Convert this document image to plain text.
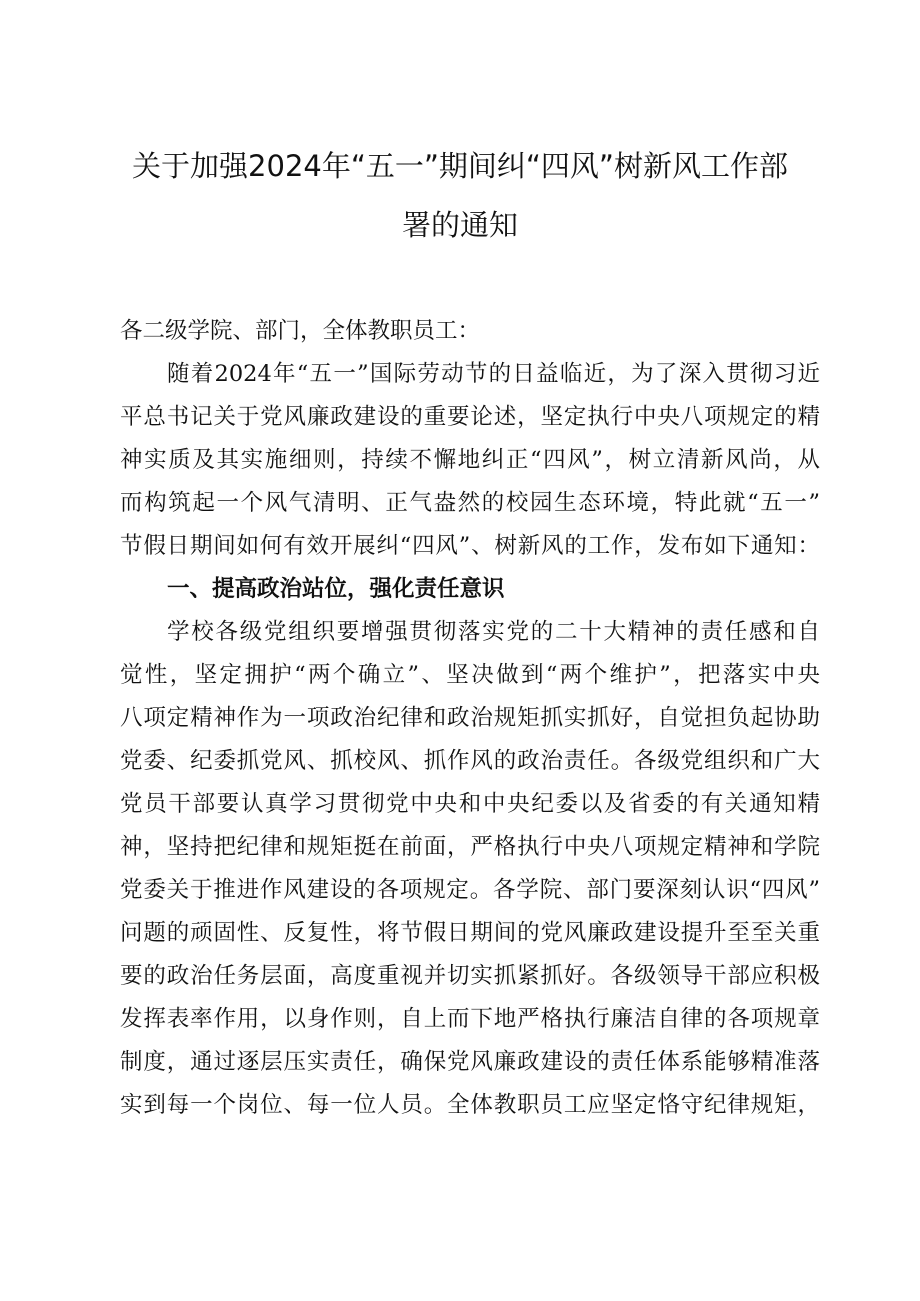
关于加强2024年“五一”期间纠“四风”树新风工作部
署的通知
各二级学院、部门，全体教职员工：
随着2024年“五一”国际劳动节的日益临近，为了深入贯彻习近
平总书记关于党风廉政建设的重要论述，坚定执行中央八项规定的精
神实质及其实施细则，持续不懈地纠正“四风”，树立清新风尚，从
而构筑起一个风气清明、正气盎然的校园生态环境，特此就“五一”
节假日期间如何有效开展纠“四风”、树新风的工作，发布如下通知：
一、提高政治站位，强化责任意识
学校各级党组织要增强贯彻落实党的二十大精神的责任感和自
觉性，坚定拥护“两个确立”、坚决做到“两个维护”，把落实中央
八项定精神作为一项政治纪律和政治规矩抓实抓好，自觉担负起协助
党委、纪委抓党风、抓校风、抓作风的政治责任。各级党组织和广大
党员干部要认真学习贯彻党中央和中央纪委以及省委的有关通知精
神，坚持把纪律和规矩挺在前面，严格执行中央八项规定精神和学院
党委关于推进作风建设的各项规定。各学院、部门要深刻认识“四风”
问题的顽固性、反复性，将节假日期间的党风廉政建设提升至至关重
要的政治任务层面，高度重视并切实抓紧抓好。各级领导干部应积极
发挥表率作用，以身作则，自上而下地严格执行廉洁自律的各项规章
制度，通过逐层压实责任，确保党风廉政建设的责任体系能够精准落
实到每一个岗位、每一位人员。全体教职员工应坚定恪守纪律规矩，
